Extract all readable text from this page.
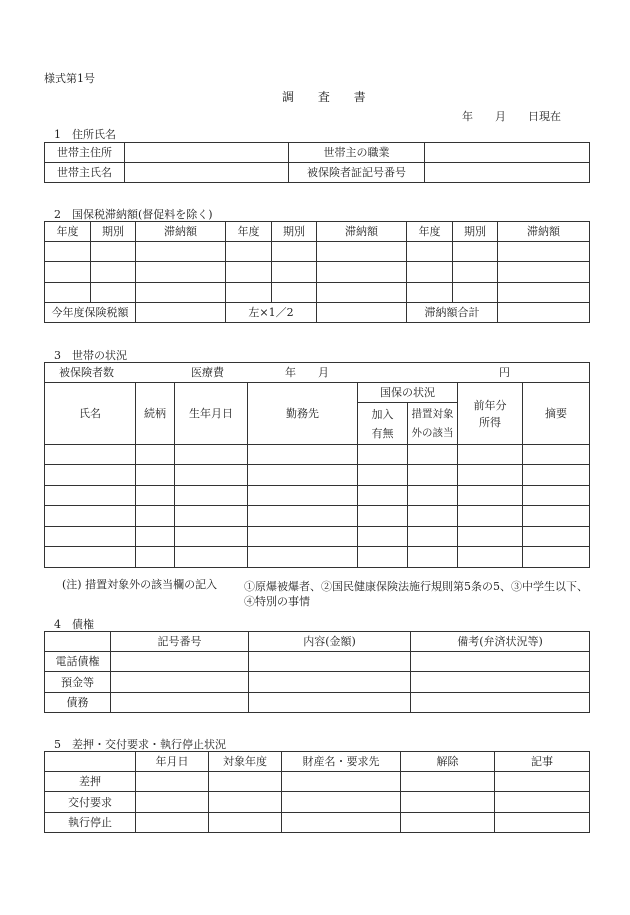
様式第1号
調 査 書
年　　月　　日現在
1　住所氏名
世帯主住所		世帯主の職業	
世帯主氏名		被保険者証記号番号	
2　国保税滞納額(督促料を除く)
年度	期別	滞納額	年度	期別	滞納額	年度	期別	滞納額

今年度保険税額			左×1／2			滞納額合計		
3　世帯の状況
被保険者数 医療費 年　　月 円							

氏名	続柄	生年月日	勤務先	国保の状況		前年分所得	摘要
				加入有無	措置対象外の該当		

(注) 措置対象外の該当欄の記入 ①原爆被爆者、②国民健康保険法施行規則第5条の5、③中学生以下、④特別の事情
4　債権
	記号番号	内容(金額)	備考(弁済状況等)
電話債権			
預金等			
債務			
5　差押・交付要求・執行停止状況
	年月日	対象年度	財産名・要求先	解除	記事
差押					
交付要求					
執行停止					
